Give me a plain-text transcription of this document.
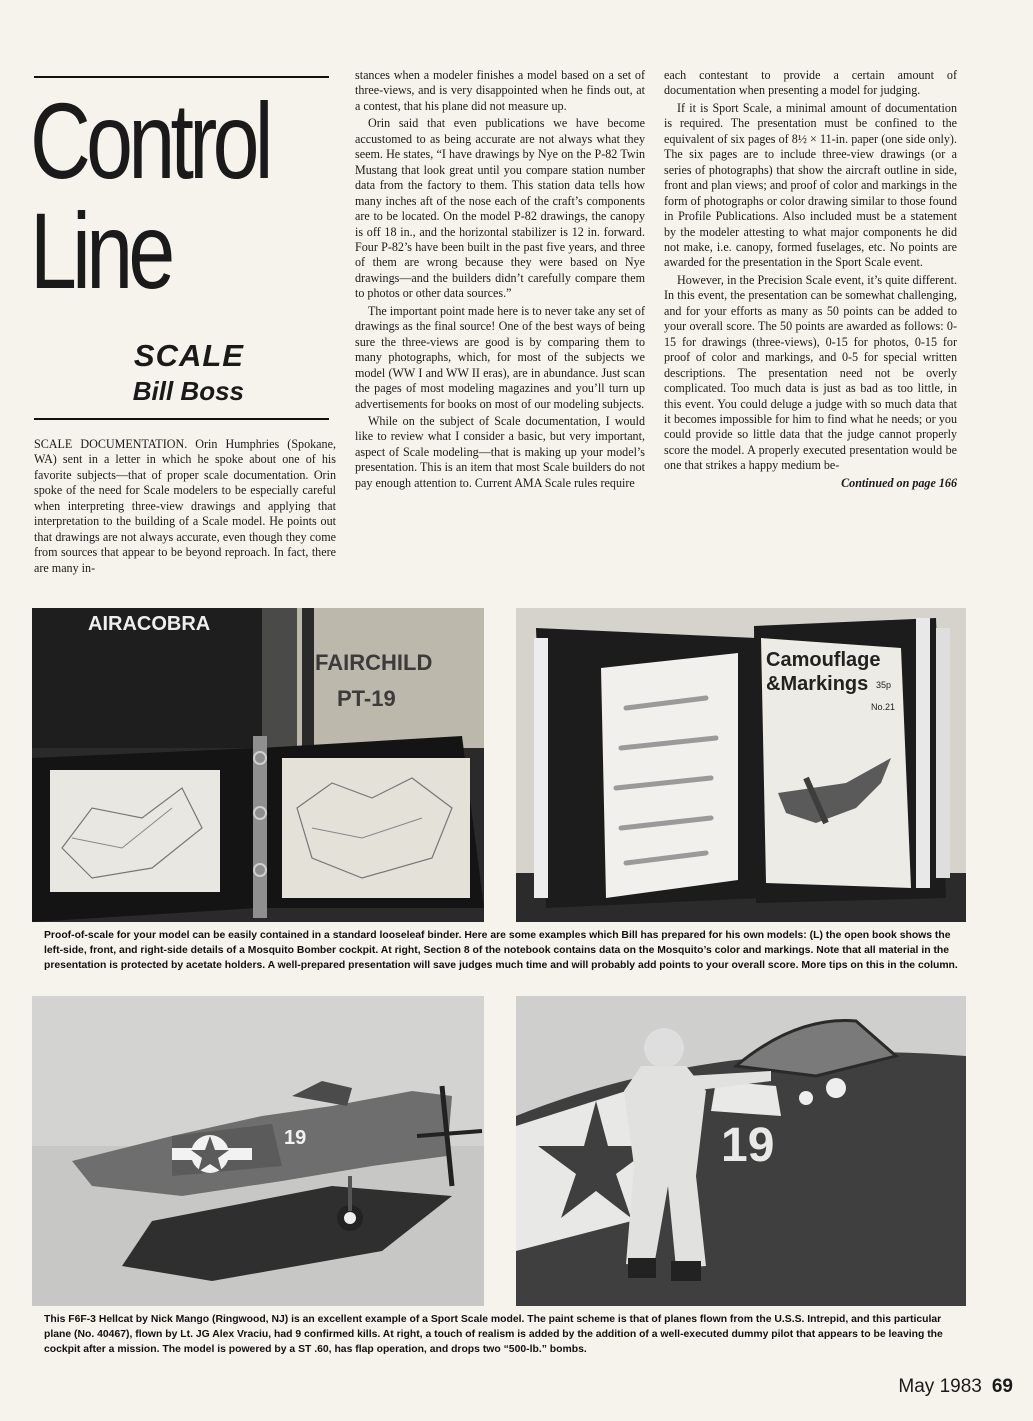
Control
Line
SCALE
Bill Boss

SCALE DOCUMENTATION. Orin Humphries (Spokane, WA) sent in a letter in which he spoke about one of his favorite subjects—that of proper scale documentation. Orin spoke of the need for Scale modelers to be especially careful when interpreting three-view drawings and applying that interpretation to the building of a Scale model. He points out that drawings are not always accurate, even though they come from sources that appear to be beyond reproach. In fact, there are many in-

stances when a modeler finishes a model based on a set of three-views, and is very disappointed when he finds out, at a contest, that his plane did not measure up.

Orin said that even publications we have become accustomed to as being accurate are not always what they seem. He states, “I have drawings by Nye on the P-82 Twin Mustang that look great until you compare station number data from the factory to them. This station data tells how many inches aft of the nose each of the craft’s components are to be located. On the model P-82 drawings, the canopy is off 18 in., and the horizontal stabilizer is 12 in. forward. Four P-82’s have been built in the past five years, and three of them are wrong because they were based on Nye drawings—and the builders didn’t carefully compare them to photos or other data sources.”

The important point made here is to never take any set of drawings as the final source! One of the best ways of being sure the three-views are good is by comparing them to many photographs, which, for most of the subjects we model (WW I and WW II eras), are in abundance. Just scan the pages of most modeling magazines and you’ll turn up advertisements for books on most of our modeling subjects.

While on the subject of Scale documentation, I would like to review what I consider a basic, but very important, aspect of Scale modeling—that is making up your model’s presentation. This is an item that most Scale builders do not pay enough attention to. Current AMA Scale rules require

each contestant to provide a certain amount of documentation when presenting a model for judging.

If it is Sport Scale, a minimal amount of documentation is required. The presentation must be confined to the equivalent of six pages of 8½ × 11-in. paper (one side only). The six pages are to include three-view drawings (or a series of photographs) that show the aircraft outline in side, front and plan views; and proof of color and markings in the form of photographs or color drawing similar to those found in Profile Publications. Also included must be a statement by the modeler attesting to what major components he did not make, i.e. canopy, formed fuselages, etc. No points are awarded for the presentation in the Sport Scale event.

However, in the Precision Scale event, it’s quite different. In this event, the presentation can be somewhat challenging, and for your efforts as many as 50 points can be added to your overall score. The 50 points are awarded as follows: 0-15 for drawings (three-views), 0-15 for photos, 0-15 for proof of color and markings, and 0-5 for special written descriptions. The presentation need not be overly complicated. Too much data is just as bad as too little, in this event. You could deluge a judge with so much data that it becomes impossible for him to find what he needs; or you could provide so little data that the judge cannot properly score the model. A properly executed presentation would be one that strikes a happy medium be-

Continued on page 166
AIRACOBRA
FAIRCHILD
PT-19
Camouflage
&Markings 35p
No.21
Proof-of-scale for your model can be easily contained in a standard looseleaf binder. Here are some examples which Bill has prepared for his own models: (L) the open book shows the left-side, front, and right-side details of a Mosquito Bomber cockpit. At right, Section 8 of the notebook contains data on the Mosquito’s color and markings. Note that all material in the presentation is protected by acetate holders. A well-prepared presentation will save judges much time and will probably add points to your overall score. More tips on this in the column.
19	19
This F6F-3 Hellcat by Nick Mango (Ringwood, NJ) is an excellent example of a Sport Scale model. The paint scheme is that of planes flown from the U.S.S. Intrepid, and this particular plane (No. 40467), flown by Lt. JG Alex Vraciu, had 9 confirmed kills. At right, a touch of realism is added by the addition of a well-executed dummy pilot that appears to be leaving the cockpit after a mission. The model is powered by a ST .60, has flap operation, and drops two “500-lb.” bombs.
May 1983 69
